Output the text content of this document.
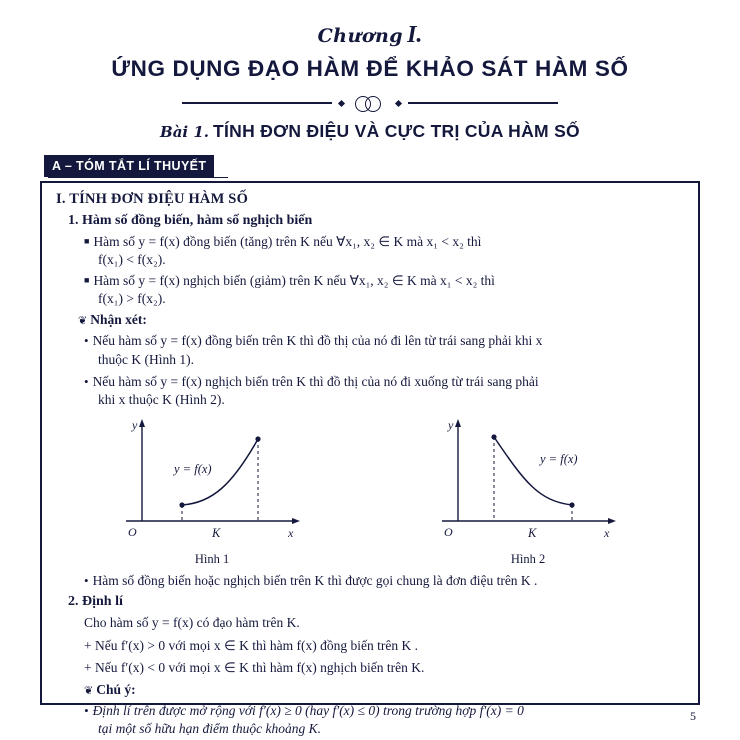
Chương I.
ỨNG DỤNG ĐẠO HÀM ĐỂ KHẢO SÁT HÀM SỐ
Bài 1. TÍNH ĐƠN ĐIỆU VÀ CỰC TRỊ CỦA HÀM SỐ
A – TÓM TẮT LÍ THUYẾT
I. TÍNH ĐƠN ĐIỆU HÀM SỐ
1. Hàm số đồng biến, hàm số nghịch biến
■ Hàm số y = f(x) đồng biến (tăng) trên K nếu ∀x₁, x₂ ∈ K mà x₁ < x₂ thì
f(x₁) < f(x₂).
■ Hàm số y = f(x) nghịch biến (giảm) trên K nếu ∀x₁, x₂ ∈ K mà x₁ < x₂ thì
f(x₁) > f(x₂).
❦ Nhận xét:
• Nếu hàm số y = f(x) đồng biến trên K thì đồ thị của nó đi lên từ trái sang phải khi x
thuộc K (Hình 1).
• Nếu hàm số y = f(x) nghịch biến trên K thì đồ thị của nó đi xuống từ trái sang phải
khi x thuộc K (Hình 2).
y
x
O	K
y = f(x)
Hình 1
y
x
O	K
y = f(x)
Hình 2
• Hàm số đồng biến hoặc nghịch biến trên K thì được gọi chung là đơn điệu trên K .
2. Định lí
Cho hàm số y = f(x) có đạo hàm trên K.
+ Nếu f′(x) > 0 với mọi x ∈ K thì hàm f(x) đồng biến trên K .
+ Nếu f′(x) < 0 với mọi x ∈ K thì hàm f(x) nghịch biến trên K.
❦ Chú ý:
• Định lí trên được mở rộng với f′(x) ≥ 0 (hay f′(x) ≤ 0) trong trường hợp f′(x) = 0
tại một số hữu hạn điểm thuộc khoảng K.
5
